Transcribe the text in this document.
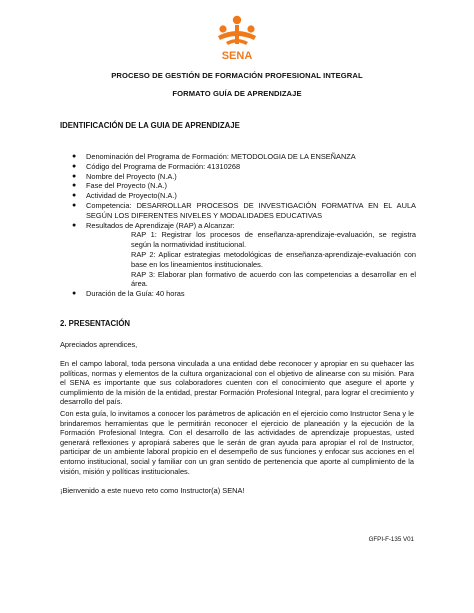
SENA
PROCESO DE GESTIÓN DE FORMACIÓN PROFESIONAL INTEGRAL
FORMATO GUÍA DE APRENDIZAJE
IDENTIFICACIÓN DE LA GUIA DE APRENDIZAJE
● Denominación del Programa de Formación: METODOLOGIA DE LA ENSEÑANZA
● Código del Programa de Formación: 41310268
● Nombre del Proyecto (N.A.)
● Fase del Proyecto (N.A.)
● Actividad de Proyecto(N.A.)
● Competencia: DESARROLLAR PROCESOS DE INVESTIGACIÓN FORMATIVA EN EL AULA SEGÚN LOS DIFERENTES NIVELES Y MODALIDADES EDUCATIVAS
● Resultados de Aprendizaje (RAP) a Alcanzar:
RAP 1: Registrar los procesos de enseñanza-aprendizaje-evaluación, se registra según la normatividad institucional.
RAP 2: Aplicar estrategias metodológicas de enseñanza-aprendizaje-evaluación con base en los lineamientos institucionales.
RAP 3: Elaborar plan formativo de acuerdo con las competencias a desarrollar en el área.
● Duración de la Guía: 40 horas
2. PRESENTACIÓN
Apreciados aprendices,
En el campo laboral, toda persona vinculada a una entidad debe reconocer y apropiar en su quehacer las políticas, normas y elementos de la cultura organizacional con el objetivo de alinearse con su misión. Para el SENA es importante que sus colaboradores cuenten con el conocimiento que asegure el aporte y cumplimiento de la misión de la entidad, prestar Formación Profesional Integral, para lograr el crecimiento y desarrollo del país.
Con esta guía, lo invitamos a conocer los parámetros de aplicación en el ejercicio como Instructor Sena y le brindaremos herramientas que le permitirán reconocer el ejercicio de planeación y la ejecución de la Formación Profesional Integra. Con el desarrollo de las actividades de aprendizaje propuestas, usted generará reflexiones y apropiará saberes que le serán de gran ayuda para apropiar el rol de Instructor, participar de un ambiente laboral propicio en el desempeño de sus funciones y enfocar sus acciones en el entorno institucional, social y familiar con un gran sentido de pertenencia que aporte al cumplimiento de la visión, misión y políticas institucionales.
¡Bienvenido a este nuevo reto como Instructor(a) SENA!
GFPI-F-135 V01
